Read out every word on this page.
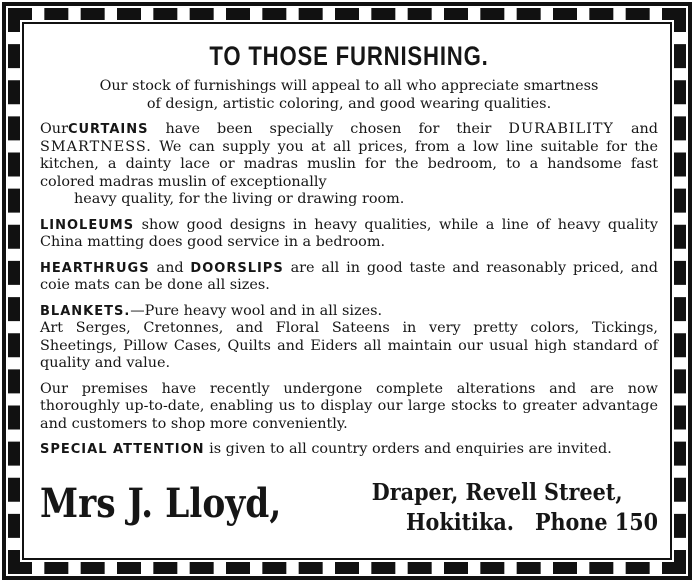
TO THOSE FURNISHING.

Our stock of furnishings will appeal to all who appreciate smartness
of design, artistic coloring, and good wearing qualities.

OurCURTAINS have been specially chosen for their DURABILITY and SMARTNESS. We can supply you at all prices, from a low line suitable for the kitchen, a dainty lace or madras muslin for the bedroom, to a handsome fast colored madras muslin of exceptionally
heavy quality, for the living or drawing room.

LINOLEUMS show good designs in heavy qualities, while a line of heavy quality China matting does good service in a bedroom.

HEARTHRUGS and DOORSLIPS are all in good taste and reasonably priced, and coie mats can be done all sizes.

BLANKETS.—Pure heavy wool and in all sizes.
Art Serges, Cretonnes, and Floral Sateens in very pretty colors, Tickings, Sheetings, Pillow Cases, Quilts and Eiders all maintain our usual high standard of quality and value.

Our premises have recently undergone complete alterations and are now thoroughly up-to-date, enabling us to display our large stocks to greater advantage and customers to shop more conveniently.

SPECIAL ATTENTION is given to all country orders and enquiries are invited.

Mrs J. Lloyd,	Draper, Revell Street,
Hokitika. Phone 150
